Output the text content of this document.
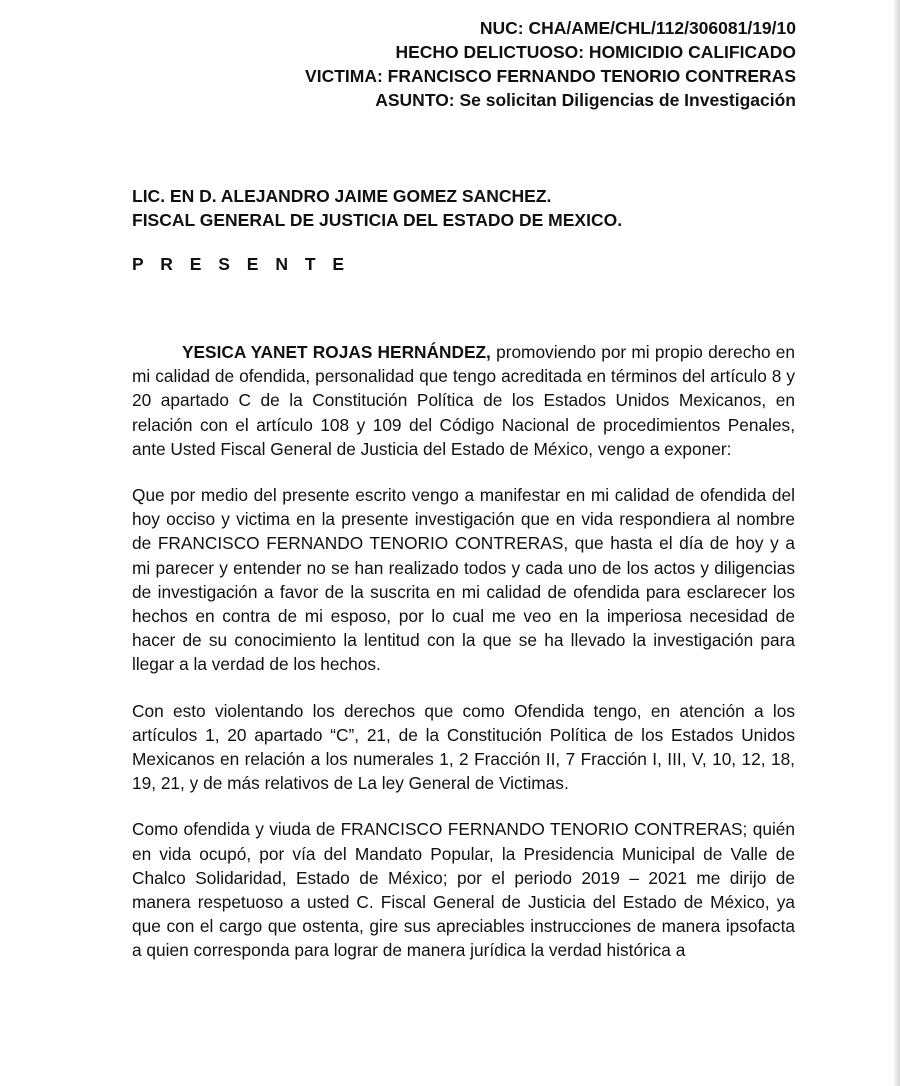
NUC: CHA/AME/CHL/112/306081/19/10
HECHO DELICTUOSO: HOMICIDIO CALIFICADO
VICTIMA: FRANCISCO FERNANDO TENORIO CONTRERAS
ASUNTO: Se solicitan Diligencias de Investigación
LIC. EN D. ALEJANDRO JAIME GOMEZ SANCHEZ.
FISCAL GENERAL DE JUSTICIA DEL ESTADO DE MEXICO.
P R E S E N T E

YESICA YANET ROJAS HERNÁNDEZ, promoviendo por mi propio derecho en mi calidad de ofendida, personalidad que tengo acreditada en términos del artículo 8 y 20 apartado C de la Constitución Política de los Estados Unidos Mexicanos, en relación con el artículo 108 y 109 del Código Nacional de procedimientos Penales, ante Usted Fiscal General de Justicia del Estado de México, vengo a exponer:

Que por medio del presente escrito vengo a manifestar en mi calidad de ofendida del hoy occiso y victima en la presente investigación que en vida respondiera al nombre de FRANCISCO FERNANDO TENORIO CONTRERAS, que hasta el día de hoy y a mi parecer y entender no se han realizado todos y cada uno de los actos y diligencias de investigación a favor de la suscrita en mi calidad de ofendida para esclarecer los hechos en contra de mi esposo, por lo cual me veo en la imperiosa necesidad de hacer de su conocimiento la lentitud con la que se ha llevado la investigación para llegar a la verdad de los hechos.

Con esto violentando los derechos que como Ofendida tengo, en atención a los artículos 1, 20 apartado “C”, 21, de la Constitución Política de los Estados Unidos Mexicanos en relación a los numerales 1, 2 Fracción II, 7 Fracción I, III, V, 10, 12, 18, 19, 21, y de más relativos de La ley General de Victimas.

Como ofendida y viuda de FRANCISCO FERNANDO TENORIO CONTRERAS; quién en vida ocupó, por vía del Mandato Popular, la Presidencia Municipal de Valle de Chalco Solidaridad, Estado de México; por el periodo 2019 – 2021 me dirijo de manera respetuoso a usted C. Fiscal General de Justicia del Estado de México, ya que con el cargo que ostenta, gire sus apreciables instrucciones de manera ipsofacta a quien corresponda para lograr de manera jurídica la verdad histórica a
